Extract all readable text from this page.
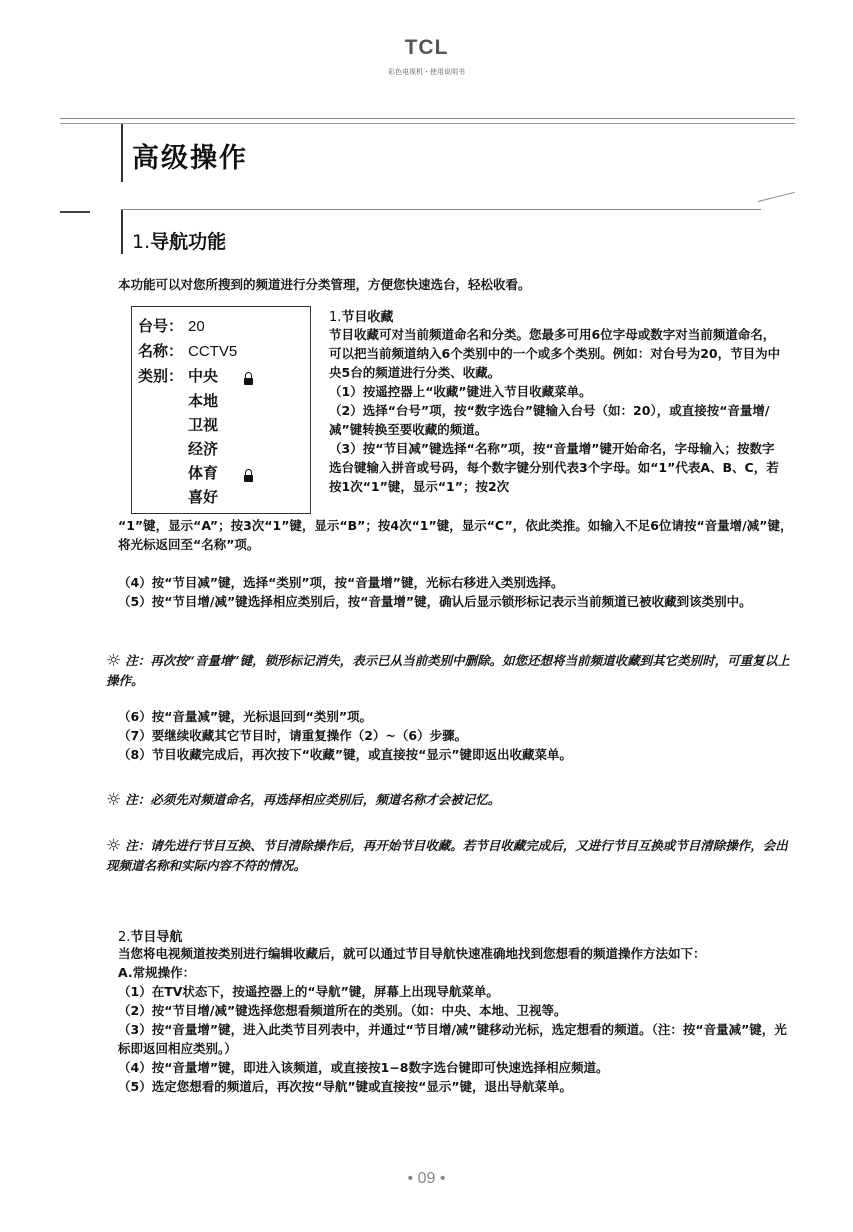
TCL
彩色电视机・使用说明书
高级操作
1.导航功能
本功能可以对您所搜到的频道进行分类管理，方便您快速选台，轻松收看。
台号： 20
名称： CCTV5
类别： 中央
本地
卫视
经济
体育
喜好
1.节目收藏
节目收藏可对当前频道命名和分类。您最多可用6位字母或数字对当前频道命名，可以把当前频道纳入6个类别中的一个或多个类别。例如：对台号为20，节目为中央5台的频道进行分类、收藏。
（1）按遥控器上“收藏”键进入节目收藏菜单。
（2）选择“台号”项，按“数字选台”键输入台号（如：20），或直接按“音量增/减”键转换至要收藏的频道。
（3）按“节目减”键选择“名称”项，按“音量增”键开始命名，字母输入；按数字选台键输入拼音或号码，每个数字键分别代表3个字母。如“1”代表A、B、C，若按1次“1”键，显示“1”；按2次
“1”键，显示“A”；按3次“1”键，显示“B”；按4次“1”键，显示“C”，依此类推。如输入不足6位请按“音量增/减”键，将光标返回至“名称”项。
（4）按“节目减”键，选择“类别”项，按“音量增”键，光标右移进入类别选择。
（5）按“节目增/减”键选择相应类别后，按“音量增”键，确认后显示锁形标记表示当前频道已被收藏到该类别中。
☼ 注：再次按“音量增”键，锁形标记消失，表示已从当前类别中删除。如您还想将当前频道收藏到其它类别时，可重复以上操作。
（6）按“音量减”键，光标退回到“类别”项。
（7）要继续收藏其它节目时，请重复操作（2）~（6）步骤。
（8）节目收藏完成后，再次按下“收藏”键，或直接按“显示”键即返出收藏菜单。
☼ 注：必须先对频道命名，再选择相应类别后，频道名称才会被记忆。
☼ 注：请先进行节目互换、节目清除操作后，再开始节目收藏。若节目收藏完成后，又进行节目互换或节目清除操作，会出现频道名称和实际内容不符的情况。
2.节目导航
当您将电视频道按类别进行编辑收藏后，就可以通过节目导航快速准确地找到您想看的频道操作方法如下：
A.常规操作：
（1）在TV状态下，按遥控器上的“导航”键，屏幕上出现导航菜单。
（2）按“节目增/减”键选择您想看频道所在的类别。（如：中央、本地、卫视等。
（3）按“音量增”键，进入此类节目列表中，并通过“节目增/减”键移动光标，选定想看的频道。（注：按“音量减”键，光标即返回相应类别。）
（4）按“音量增”键，即进入该频道，或直接按1−8数字选台键即可快速选择相应频道。
（5）选定您想看的频道后，再次按“导航”键或直接按“显示”键，退出导航菜单。
• 09 •
